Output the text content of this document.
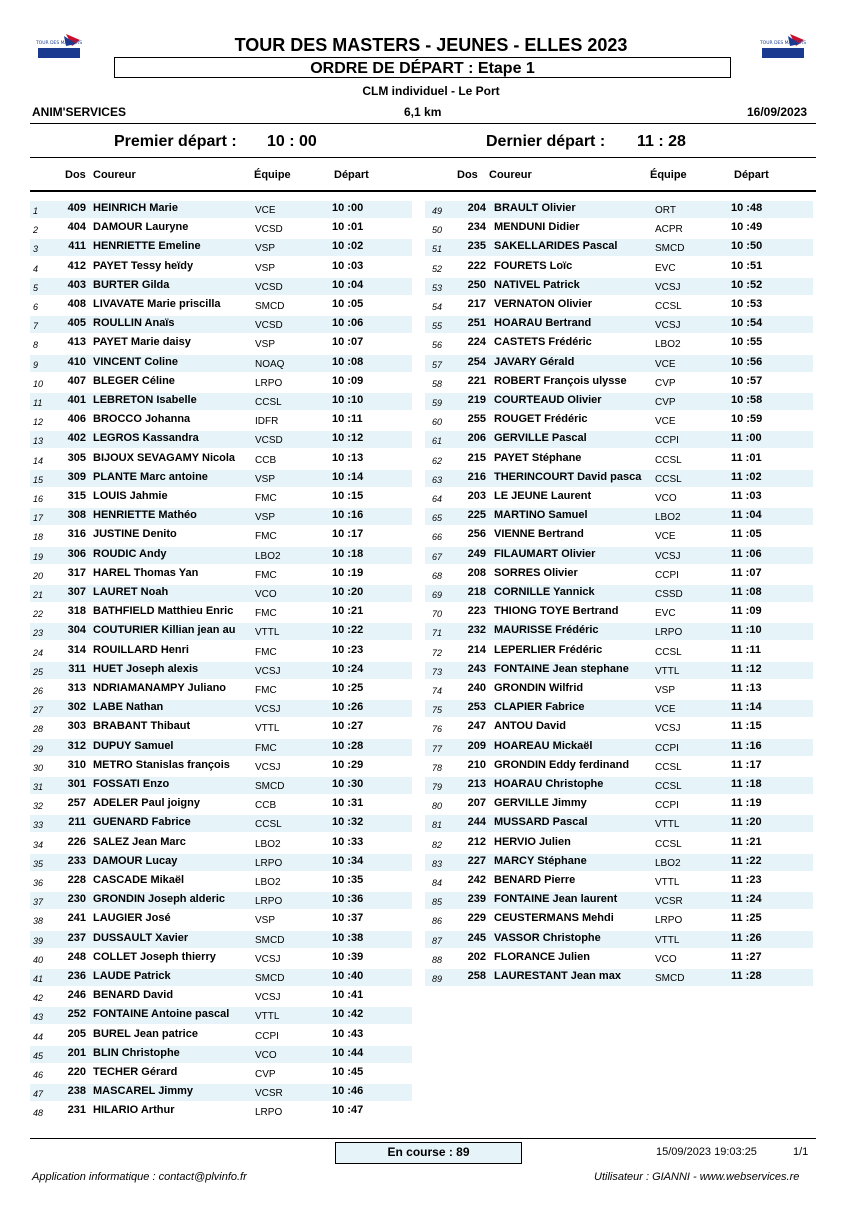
TOUR DES MASTERS	TOUR DES MASTERS
TOUR DES MASTERS - JEUNES - ELLES 2023
ORDRE DE DÉPART : Etape 1
CLM individuel - Le Port
ANIM'SERVICES	6,1 km	16/09/2023
Premier départ : 10 : 00	Dernier départ : 11 : 28
Dos Coureur	Équipe	Départ	Dos Coureur	Équipe	Départ
1	409 HEINRICH Marie	VCE	10 :00
2	404 DAMOUR Lauryne	VCSD	10 :01
3	411 HENRIETTE Emeline	VSP	10 :02
4	412 PAYET Tessy heïdy	VSP	10 :03
5	403 BURTER Gilda	VCSD	10 :04
6	408 LIVAVATE Marie priscilla	SMCD	10 :05
7	405 ROULLIN Anaïs	VCSD	10 :06
8	413 PAYET Marie daisy	VSP	10 :07
9	410 VINCENT Coline	NOAQ	10 :08
10	407 BLEGER Céline	LRPO	10 :09
11	401 LEBRETON Isabelle	CCSL	10 :10
12	406 BROCCO Johanna	IDFR	10 :11
13	402 LEGROS Kassandra	VCSD	10 :12
14	305 BIJOUX SEVAGAMY Nicola	CCB	10 :13
15	309 PLANTE Marc antoine	VSP	10 :14
16	315 LOUIS Jahmie	FMC	10 :15
17	308 HENRIETTE Mathéo	VSP	10 :16
18	316 JUSTINE Denito	FMC	10 :17
19	306 ROUDIC Andy	LBO2	10 :18
20	317 HAREL Thomas Yan	FMC	10 :19
21	307 LAURET Noah	VCO	10 :20
22	318 BATHFIELD Matthieu Enric	FMC	10 :21
23	304 COUTURIER Killian jean au	VTTL	10 :22
24	314 ROUILLARD Henri	FMC	10 :23
25	311 HUET Joseph alexis	VCSJ	10 :24
26	313 NDRIAMANAMPY Juliano	FMC	10 :25
27	302 LABE Nathan	VCSJ	10 :26
28	303 BRABANT Thibaut	VTTL	10 :27
29	312 DUPUY Samuel	FMC	10 :28
30	310 METRO Stanislas françois	VCSJ	10 :29
31	301 FOSSATI Enzo	SMCD	10 :30
32	257 ADELER Paul joigny	CCB	10 :31
33	211 GUENARD Fabrice	CCSL	10 :32
34	226 SALEZ Jean Marc	LBO2	10 :33
35	233 DAMOUR Lucay	LRPO	10 :34
36	228 CASCADE Mikaël	LBO2	10 :35
37	230 GRONDIN Joseph alderic	LRPO	10 :36
38	241 LAUGIER José	VSP	10 :37
39	237 DUSSAULT Xavier	SMCD	10 :38
40	248 COLLET Joseph thierry	VCSJ	10 :39
41	236 LAUDE Patrick	SMCD	10 :40
42	246 BENARD David	VCSJ	10 :41
43	252 FONTAINE Antoine pascal	VTTL	10 :42
44	205 BUREL Jean patrice	CCPI	10 :43
45	201 BLIN Christophe	VCO	10 :44
46	220 TECHER Gérard	CVP	10 :45
47	238 MASCAREL Jimmy	VCSR	10 :46
48	231 HILARIO Arthur	LRPO	10 :47
49	204 BRAULT Olivier	ORT	10 :48
50	234 MENDUNI Didier	ACPR	10 :49
51	235 SAKELLARIDES Pascal	SMCD	10 :50
52	222 FOURETS Loïc	EVC	10 :51
53	250 NATIVEL Patrick	VCSJ	10 :52
54	217 VERNATON Olivier	CCSL	10 :53
55	251 HOARAU Bertrand	VCSJ	10 :54
56	224 CASTETS Frédéric	LBO2	10 :55
57	254 JAVARY Gérald	VCE	10 :56
58	221 ROBERT François ulysse	CVP	10 :57
59	219 COURTEAUD Olivier	CVP	10 :58
60	255 ROUGET Frédéric	VCE	10 :59
61	206 GERVILLE Pascal	CCPI	11 :00
62	215 PAYET Stéphane	CCSL	11 :01
63	216 THERINCOURT David pasca	CCSL	11 :02
64	203 LE JEUNE Laurent	VCO	11 :03
65	225 MARTINO Samuel	LBO2	11 :04
66	256 VIENNE Bertrand	VCE	11 :05
67	249 FILAUMART Olivier	VCSJ	11 :06
68	208 SORRES Olivier	CCPI	11 :07
69	218 CORNILLE Yannick	CSSD	11 :08
70	223 THIONG TOYE Bertrand	EVC	11 :09
71	232 MAURISSE Frédéric	LRPO	11 :10
72	214 LEPERLIER Frédéric	CCSL	11 :11
73	243 FONTAINE Jean stephane	VTTL	11 :12
74	240 GRONDIN Wilfrid	VSP	11 :13
75	253 CLAPIER Fabrice	VCE	11 :14
76	247 ANTOU David	VCSJ	11 :15
77	209 HOAREAU Mickaël	CCPI	11 :16
78	210 GRONDIN Eddy ferdinand	CCSL	11 :17
79	213 HOARAU Christophe	CCSL	11 :18
80	207 GERVILLE Jimmy	CCPI	11 :19
81	244 MUSSARD Pascal	VTTL	11 :20
82	212 HERVIO Julien	CCSL	11 :21
83	227 MARCY Stéphane	LBO2	11 :22
84	242 BENARD Pierre	VTTL	11 :23
85	239 FONTAINE Jean laurent	VCSR	11 :24
86	229 CEUSTERMANS Mehdi	LRPO	11 :25
87	245 VASSOR Christophe	VTTL	11 :26
88	202 FLORANCE Julien	VCO	11 :27
89	258 LAURESTANT Jean max	SMCD	11 :28
En course : 89	15/09/2023 19:03:25	1/1
Application informatique : contact@plvinfo.fr	Utilisateur : GIANNI - www.webservices.re
